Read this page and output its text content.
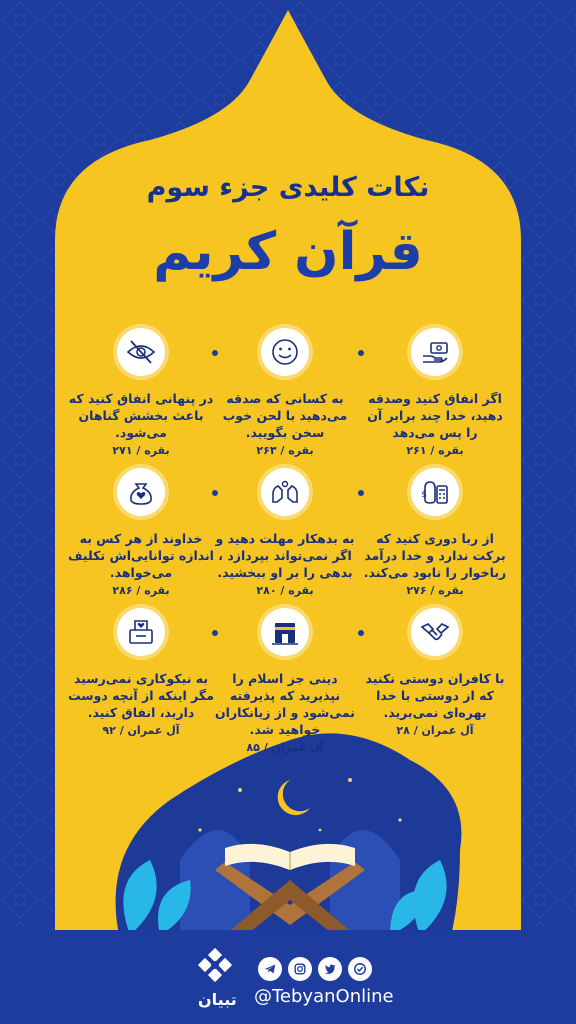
نکات کلیدی جزء سوم
قرآن کریم
اگر انفاق کنید وصدقه دهید، خدا چند برابر آن را پس می‌دهد
بقره / ۲۶۱
به کسانی که صدقه می‌دهید با لحن خوب سخن بگویید.
بقره / ۲۶۳
در پنهانی انفاق کنید که باعث بخشش گناهان می‌شود.
بقره / ۲۷۱
$
از ربا دوری کنید که برکت ندارد و خدا درآمد رباخوار را نابود می‌کند.
بقره / ۲۷۶
به بدهکار مهلت دهید و اگر نمی‌تواند بپردازد ، بدهی را بر او ببخشید.
بقره / ۲۸۰
خداوند از هر کس به اندازه توانایی‌اش تکلیف می‌خواهد.
بقره / ۲۸۶
با کافران دوستی نکنید که از دوستی با خدا بهره‌ای نمی‌برید.
آل عمران / ۲۸
دینی جز اسلام را نپذیرید که پذیرفته نمی‌شود و از زیانکاران خواهید شد.
آل عمران / ۸۵
به نیکوکاری نمی‌رسید مگر اینکه از آنچه دوست دارید، انفاق کنید.
آل عمران / ۹۲
تبیان @TebyanOnline
